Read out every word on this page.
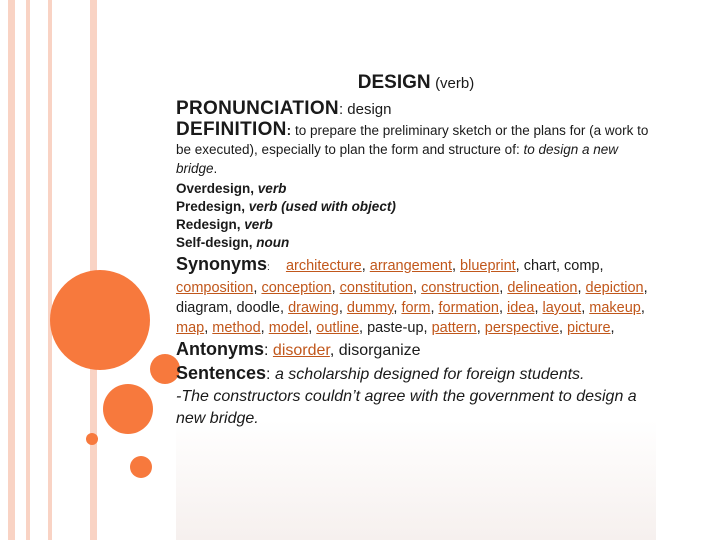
DESIGN (verb)
PRONUNCIATION: design
DEFINITION: to prepare the preliminary sketch or the plans for (a work to be executed), especially to plan the form and structure of: to design a new bridge.
Overdesign, verb
Predesign, verb (used with object)
Redesign, verb
Self-design, noun
Synonyms: architecture, arrangement, blueprint, chart, comp, composition, conception, constitution, construction, delineation, depiction, diagram, doodle, drawing, dummy, form, formation, idea, layout, makeup, map, method, model, outline, paste-up, pattern, perspective, picture,
Antonyms: disorder, disorganize
Sentences: a scholarship designed for foreign students.
-The constructors couldn’t agree with the government to design a new bridge.
